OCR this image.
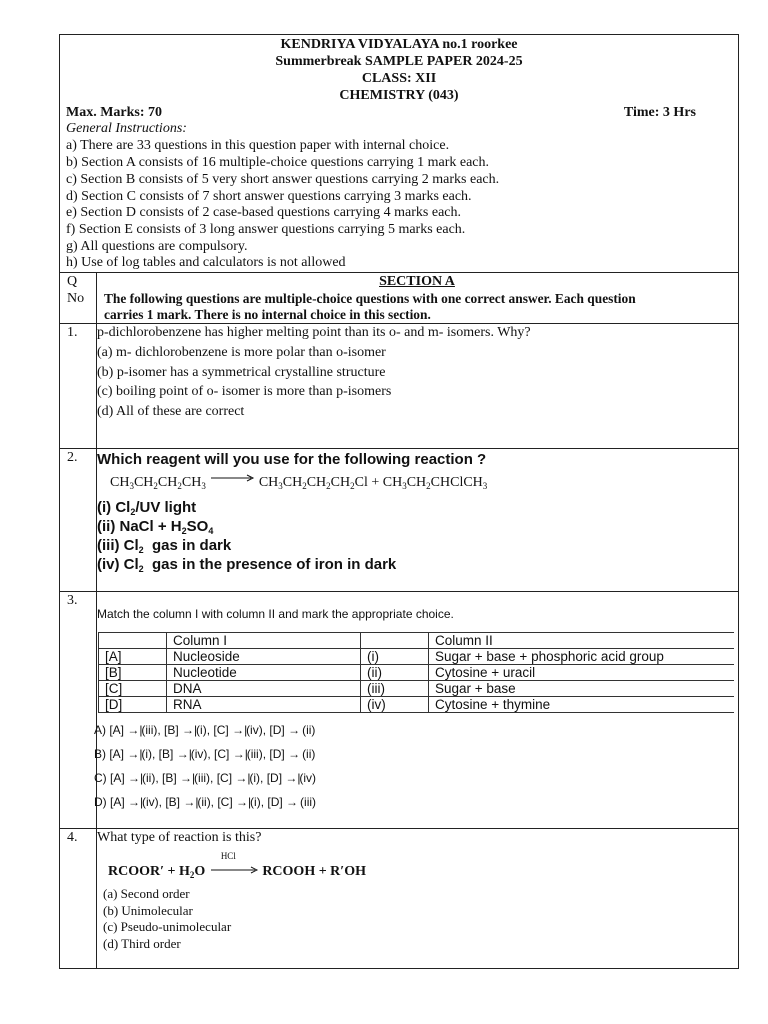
KENDRIYA VIDYALAYA no.1 roorkee
Summerbreak SAMPLE PAPER 2024-25
CLASS: XII
CHEMISTRY (043)
Max. Marks: 70	Time: 3 Hrs
General Instructions:
a) There are 33 questions in this question paper with internal choice.
b) Section A consists of 16 multiple-choice questions carrying 1 mark each.
c) Section B consists of 5 very short answer questions carrying 2 marks each.
d) Section C consists of 7 short answer questions carrying 3 marks each.
e) Section D consists of 2 case-based questions carrying 4 marks each.
f) Section E consists of 3 long answer questions carrying 5 marks each.
g) All questions are compulsory.
h) Use of log tables and calculators is not allowed
Q
No
SECTION A
The following questions are multiple-choice questions with one correct answer. Each question
carries 1 mark. There is no internal choice in this section.
1. p-dichlorobenzene has higher melting point than its o- and m- isomers. Why?
(a) m- dichlorobenzene is more polar than o-isomer
(b) p-isomer has a symmetrical crystalline structure
(c) boiling point of o- isomer is more than p-isomers
(d) All of these are correct
2. Which reagent will you use for the following reaction ?
$CH_3CH_2CH_2CH_3$	$CH_3CH_2CH_2CH_2Cl$ + $CH_3CH_2CHClCH_3$
(i) $Cl_2/UV$ light
(ii) NaCl + $H_2SO_4$
(iii) $Cl_2$  gas in dark
(iv) $Cl_2$  gas in the presence of iron in dark
3.
Match the column I with column II and mark the appropriate choice.
	Column I		Column II
[A]	Nucleoside	(i)	Sugar + base + phosphoric acid group
[B]	Nucleotide	(ii)	Cytosine + uracil
[C]	DNA	(iii)	Sugar + base
[D]	RNA	(iv)	Cytosine + thymine
A) [A] →|(iii), [B] →|(i), [C] →|(iv), [D] → (ii)
B) [A] →|(i), [B] →|(iv), [C] →|(iii), [D] → (ii)
C) [A] →|(ii), [B] →|(iii), [C] →|(i), [D] →|(iv)
D) [A] →|(iv), [B] →|(ii), [C] →|(i), [D] → (iii)
4. What type of reaction is this?
RCOOR′ + $H_2O$
HCl
RCOOH + R′OH
(a) Second order
(b) Unimolecular
(c) Pseudo-unimolecular
(d) Third order
